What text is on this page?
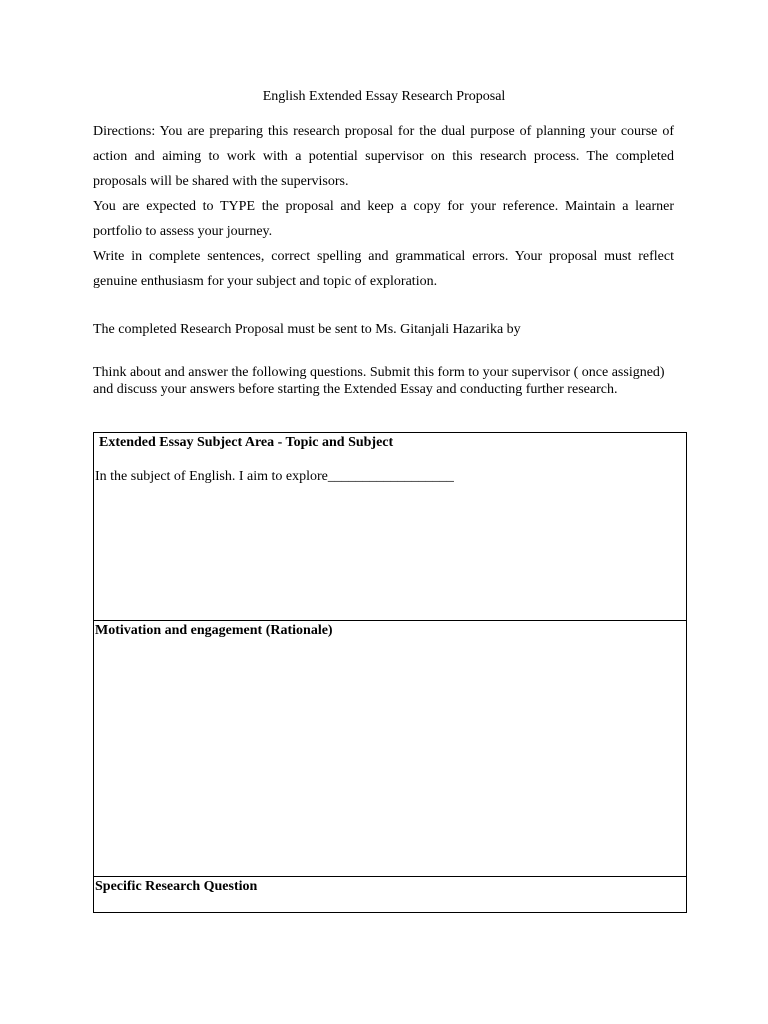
English Extended Essay Research Proposal

Directions: You are preparing this research proposal for the dual purpose of planning your course of action and aiming to work with a potential supervisor on this research process. The completed proposals will be shared with the supervisors.

You are expected to TYPE the proposal and keep a copy for your reference. Maintain a learner portfolio to assess your journey.

Write in complete sentences, correct spelling and grammatical errors. Your proposal must reflect genuine enthusiasm for your subject and topic of exploration.

The completed Research Proposal must be sent to Ms. Gitanjali Hazarika by

Think about and answer the following questions. Submit this form to your supervisor ( once assigned) and discuss your answers before starting the Extended Essay and conducting further research.

Extended Essay Subject Area - Topic and Subject

In the subject of English. I aim to explore__________________

Motivation and engagement (Rationale)

Specific Research Question
